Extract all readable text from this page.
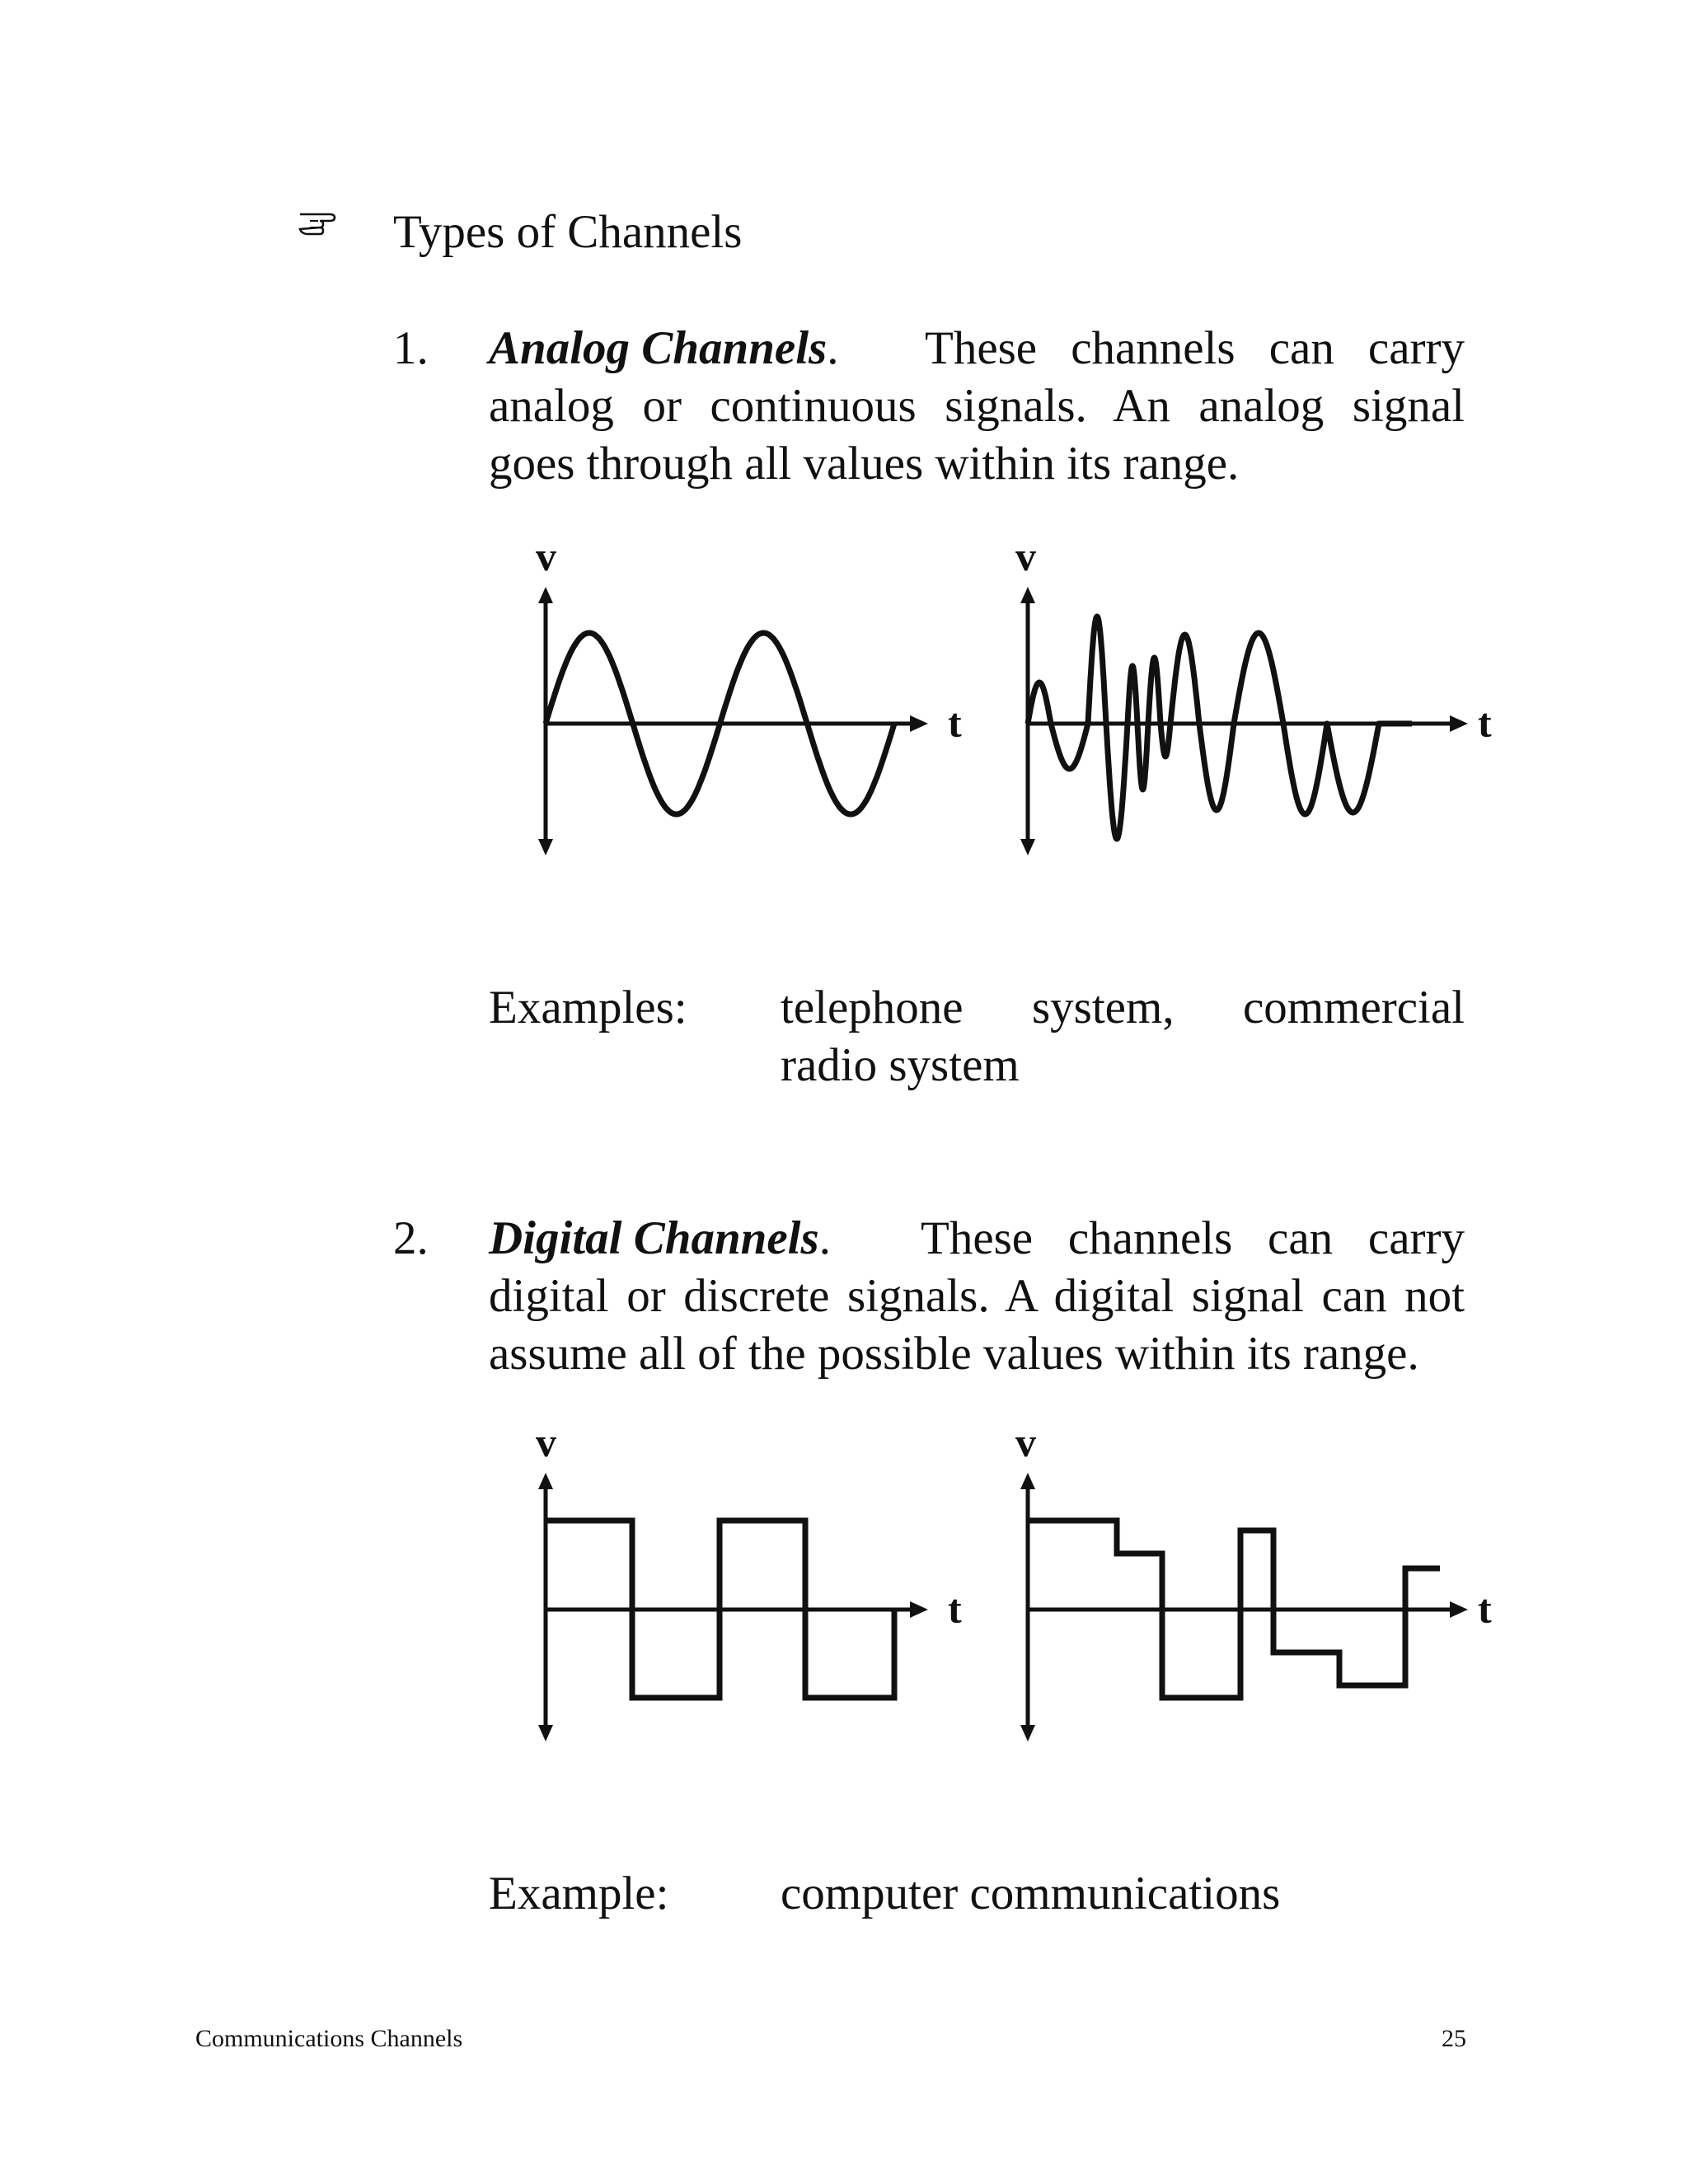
Types of Channels
1. Analog Channels. These channels can carry
analog or continuous signals. An analog signal
goes through all values within its range.
v
t
v
t
Examples: telephone system, commercial
radio system
2. Digital Channels. These channels can carry
digital or discrete signals. A digital signal can not
assume all of the possible values within its range.
v
t
v
t
Example: computer communications
Communications Channels	25
